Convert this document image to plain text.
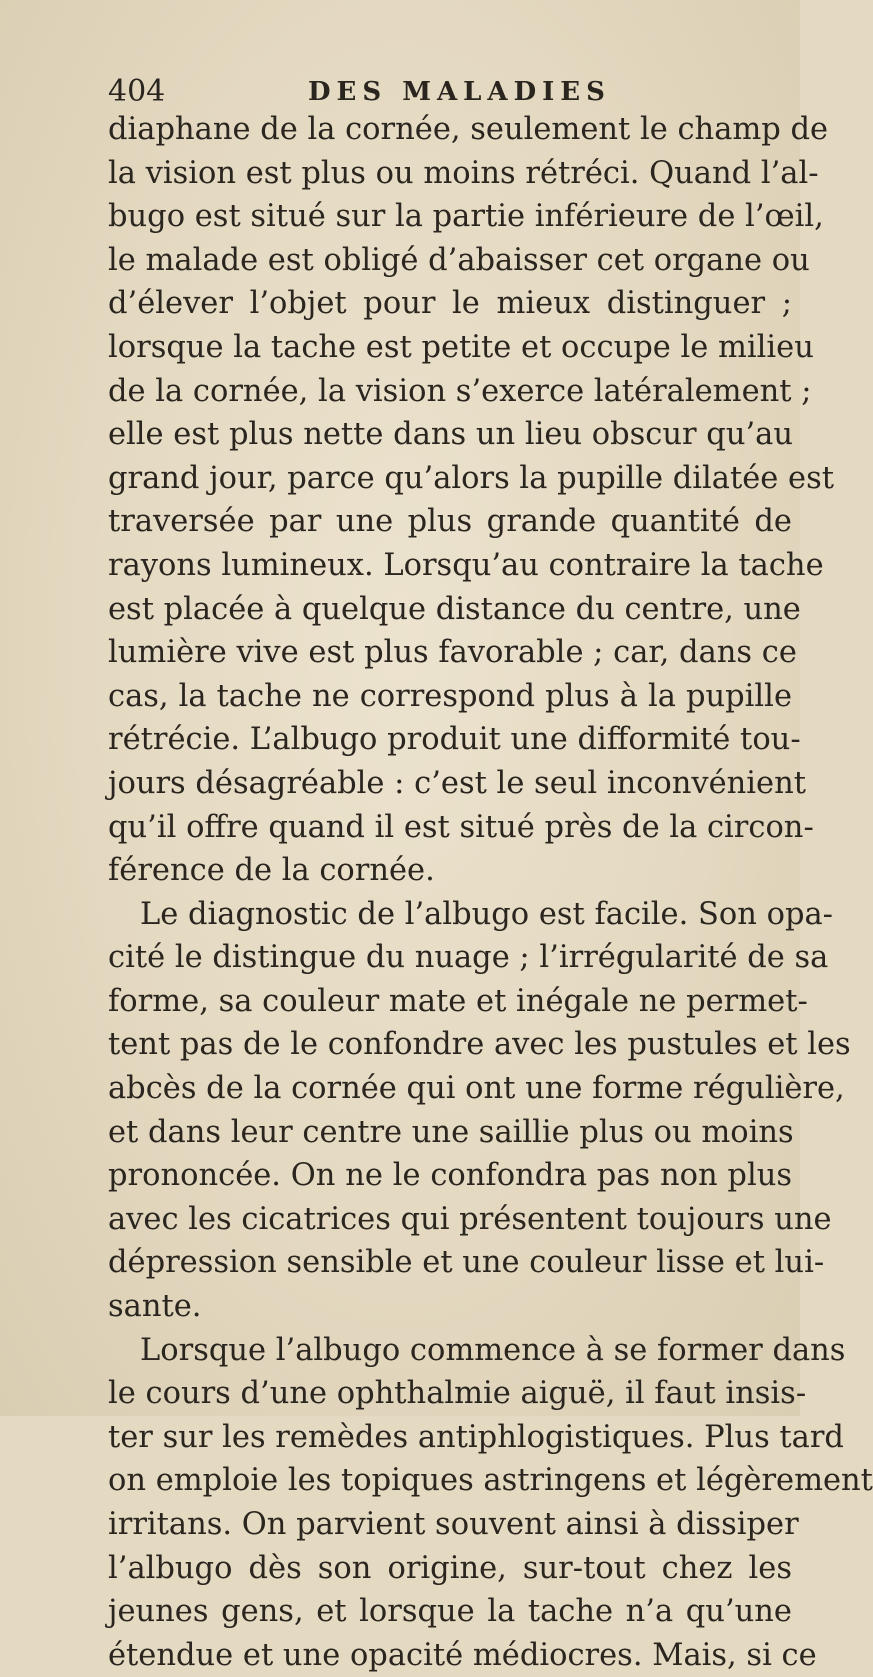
404	DES MALADIES
diaphane de la cornée, seulement le champ de
la vision est plus ou moins rétréci. Quand l’al-
bugo est situé sur la partie inférieure de l’œil,
le malade est obligé d’abaisser cet organe ou
d’élever l’objet pour le mieux distinguer ;
lorsque la tache est petite et occupe le milieu
de la cornée, la vision s’exerce latéralement ;
elle est plus nette dans un lieu obscur qu’au
grand jour, parce qu’alors la pupille dilatée est
traversée par une plus grande quantité de
rayons lumineux. Lorsqu’au contraire la tache
est placée à quelque distance du centre, une
lumière vive est plus favorable ; car, dans ce
cas, la tache ne correspond plus à la pupille
rétrécie. L’albugo produit une difformité tou-
jours désagréable : c’est le seul inconvénient
qu’il offre quand il est situé près de la circon-
férence de la cornée.
Le diagnostic de l’albugo est facile. Son opa-
cité le distingue du nuage ; l’irrégularité de sa
forme, sa couleur mate et inégale ne permet-
tent pas de le confondre avec les pustules et les
abcès de la cornée qui ont une forme régulière,
et dans leur centre une saillie plus ou moins
prononcée. On ne le confondra pas non plus
avec les cicatrices qui présentent toujours une
dépression sensible et une couleur lisse et lui-
sante.
Lorsque l’albugo commence à se former dans
le cours d’une ophthalmie aiguë, il faut insis-
ter sur les remèdes antiphlogistiques. Plus tard
on emploie les topiques astringens et légèrement
irritans. On parvient souvent ainsi à dissiper
l’albugo dès son origine, sur-tout chez les
jeunes gens, et lorsque la tache n’a qu’une
étendue et une opacité médiocres. Mais, si ce
